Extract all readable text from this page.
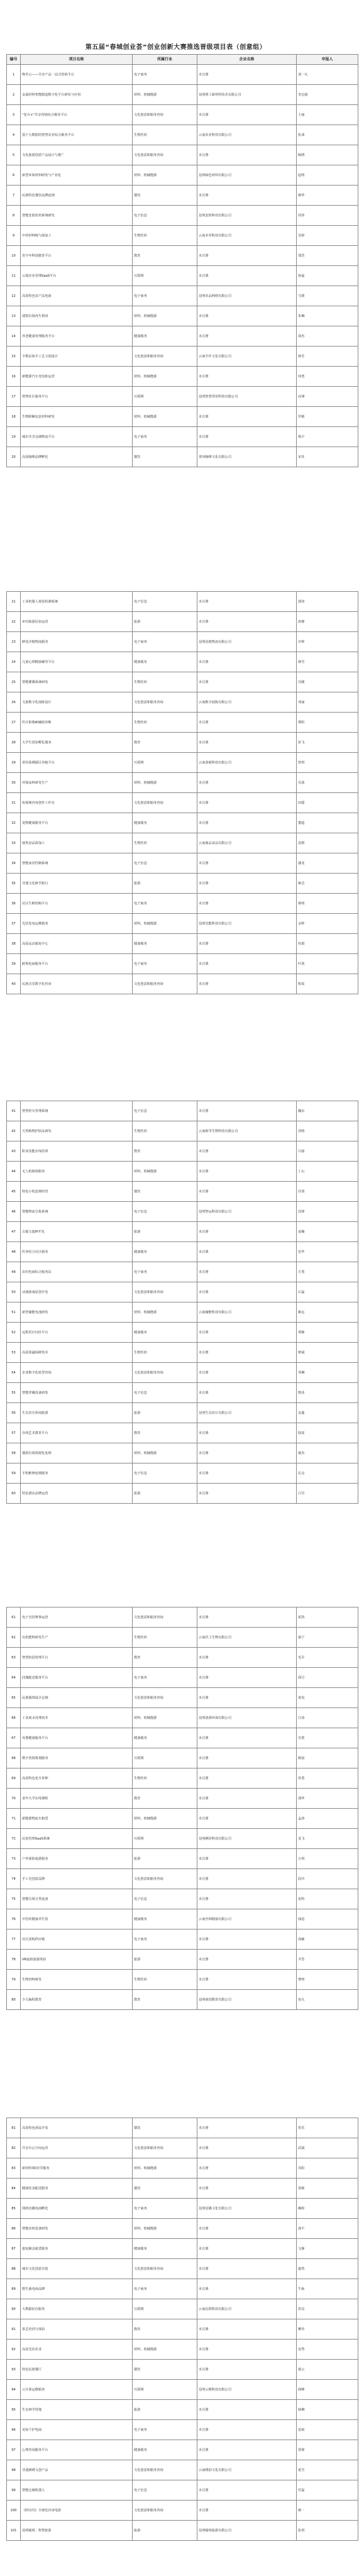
第五届“春城创业荟”创业创新大赛推选晋级项目表（创意组）
编号	项目名称	所属行业	企业名称	申报人
1	物至云——共享产品一站式营销平台	电子商务	未注册	刘一凡
2	金属材料智能制造数字化平台研发与应用	材料、机械能源	昆明理工新材料技术有限公司	李志强
3	“花卉+”共享营销综合服务平台	文化创意和服务咨询	未注册	王丽
4	基于大数据的智慧农业综合服务平台	生物医药	云南农业科技有限公司	张成
5	文化旅游创意产品设计与推广	文化创意和服务咨询	未注册	陈晓
6	新型环保材料研发与产业化	材料、机械能源	昆明绿色材料有限公司	赵明
7	民族特色餐饮品牌连锁	餐饮	未注册	杨华
8	智能安防监控系统研发	电子信息	昆明安防科技有限公司	周伟
9	中药材种植与深加工	生物医药	云南本草科技有限公司	吴婷
10	青少年科创教育平台	教育	未注册	郑浩
11	云端企业管理SaaS平台	互联网	未注册	孙磊
12	高原特色农产品电商	电子商务	昆明农品网络有限公司	马骏
13	建筑垃圾再生利用	材料、机械能源	未注册	朱琳
14	养老健康管理服务平台	健康服务	未注册	胡杰
15	少数民族手工艺文创设计	文化创意和服务咨询	云南手作文化有限公司	林芳
16	新能源汽车充电桩运营	材料、机械能源	未注册	何勇
17	智慧社区服务平台	互联网	昆明智慧邻里科技有限公司	高翔
18	生物降解包装材料研发	材料、机械能源	未注册	罗敏
19	城市共享仓储物流平台	电子商务	未注册	梁宇
20	高原咖啡品牌孵化	餐饮	普洱咖啡文化有限公司	宋佳
21	工业机器人视觉检测系统	电子信息	未注册	郭涛
22	乡村旅游民宿运营	旅游	未注册	唐静
23	鲜花冷链物流服务	电子商务	昆明花链物流有限公司	许帅
24	儿童心理健康辅导平台	健康服务	未注册	韩雪
25	智能灌溉系统研发	生物医药	未注册	冯刚
26	文旅数字化展陈设计	文化创意和服务咨询	云南数字展陈有限公司	邓丽
27	医疗影像AI辅助诊断	生物医药	未注册	曹阳
28	大学生创业孵化服务	教育	未注册	彭飞
29	普洱茶溯源区块链平台	互联网	云南茶链科技有限公司	曾琪
30	环保涂料研发生产	材料、机械能源	未注册	肖波
31	短视频内容创作工作室	文化创意和服务咨询	未注册	田甜
32	宠物健康服务平台	健康服务	未注册	董超
33	菌类食品深加工	生物医药	云南菌品食品有限公司	袁媛
34	智能家居控制系统	电子信息	未注册	潘龙
35	非遗文化研学旅行	旅游	未注册	蒋芸
36	社区生鲜团购平台	电子商务	未注册	蔡明
37	光伏发电运维服务	材料、机械能源	昆明光能科技有限公司	余辉
38	高原运动康复中心	健康服务	未注册	杜娟
39	跨境电商服务平台	电子商务	未注册	叶剑
40	民族音乐数字化传承	文化创意和服务咨询	未注册	程瑶
41	智慧停车管理系统	电子信息	未注册	魏东
42	天然植物护肤品研发	生物医药	云南植萃生物科技有限公司	苏晴
43	职业技能在线培训	教育	未注册	吕强
44	无人机植保服务	材料、机械能源	未注册	丁山
45	特色小吃连锁经营	餐饮	未注册	任倩
46	智能物流分拣系统	电子信息	昆明智运科技有限公司	沈锋
47	古镇文旅IP开发	旅游	未注册	姜楠
48	医养结合社区服务	健康服务	未注册	范华
49	农村电商综合服务站	电子商务	未注册	方勇
50	动漫游戏原创开发	文化创意和服务咨询	未注册	石磊
51	新型储能电池研发	材料、机械能源	云南储能科技有限公司	姚远
52	远程医疗问诊平台	健康服务	未注册	谭静
53	高原果蔬保鲜技术	生物医药	未注册	廖斌
54	企业数字化转型咨询	文化创意和服务咨询	未注册	邹琳
55	智能穿戴设备研发	电子信息	未注册	熊伟
56	生态农庄休闲旅游	旅游	昆明生态农庄有限公司	金鑫
57	在线艺术教育平台	教育	未注册	陆瑶
58	餐厨垃圾资源化处理	材料、机械能源	未注册	郝杰
59	手机维修连锁服务	电子信息	未注册	孔亮
60	特色酒店品牌运营	旅游	未注册	白雪
61	电子竞技赛事运营	文化创意和服务咨询	未注册	崔凯
62	有机肥料研发生产	生物医药	云南沃土生物有限公司	康宁
63	智慧校园管理平台	教育	未注册	毛军
64	同城配送服务平台	电子商务	未注册	邱月
65	民族服饰设计定制	文化创意和服务咨询	未注册	秦岚
66	工业废水处理技术	材料、机械能源	昆明清源环保有限公司	江涛
67	母婴健康服务平台	健康服务	未注册	史蕾
68	数字营销策划服务	互联网	未注册	顾晨
69	高原特色花卉育种	生物医药	未注册	侯勇
70	老年大学在线课程	教育	未注册	邵华
71	新能源物流车租赁	材料、机械能源	未注册	孟涛
72	民宿管理SaaS系统	互联网	昆明栖居科技有限公司	龙飞
73	户外探险旅游服务	旅游	未注册	万琪
74	手工皂创意品牌	文化创意和服务咨询	未注册	段玲
75	智能垃圾分类设备	电子信息	未注册	雷鸣
76	中医药健康养生馆	健康服务	云南杏林健康有限公司	钱进
77	社区团购供应链	电子商务	未注册	汤颖
78	VR虚拟旅游体验	旅游	未注册	尹浩
79	生物饲料研发	生物医药	未注册	黎明
80	少儿编程教育	教育	昆明童创教育有限公司	易凡
81	高原特色酒品开发	餐饮	未注册	常乐
82	共享办公空间运营	文化创意和服务咨询	未注册	武斌
83	新材料3D打印服务	材料、机械能源	未注册	乔阳
84	健康饮食配送服务	餐饮	未注册	贺敏
85	网络直播电商孵化	电子商务	昆明星播文化有限公司	赖婷
86	智能农机装备研发	材料、机械能源	未注册	龚平
87	康复辅具租赁服务	健康服务	未注册	文静
88	城市文化创意市集	文化创意和服务咨询	未注册	施然
89	野生菌电商品牌	电子商务	未注册	牛犇
90	大数据征信服务	互联网	云南信联科技有限公司	洪亮
91	茶艺培训与体验	教育	未注册	柳青
92	高原光伏农业	材料、机械能源	未注册	安然
93	特色民族餐厅	餐饮	未注册	聂云
94	云计算运维服务	互联网	昆明云维科技有限公司	阎峰
95	生态研学营地	旅游	未注册	薛琳
96	美妆个护电商	电子商务	未注册	雷雨
97	心理咨询服务平台	健康服务	未注册	贾睿
98	非遗刺绣文创产品	文化创意和服务咨询	云南绣韵文化有限公司	夏雪
99	智能仓储机器人	电子信息	未注册	付磊
100	《阿诗玛》全球化内容电影	文化创意和服务咨询	未注册	蒋一
101	昆明秘境 · 智慧旅游	旅游	昆明秘境旅游有限公司	张琪
